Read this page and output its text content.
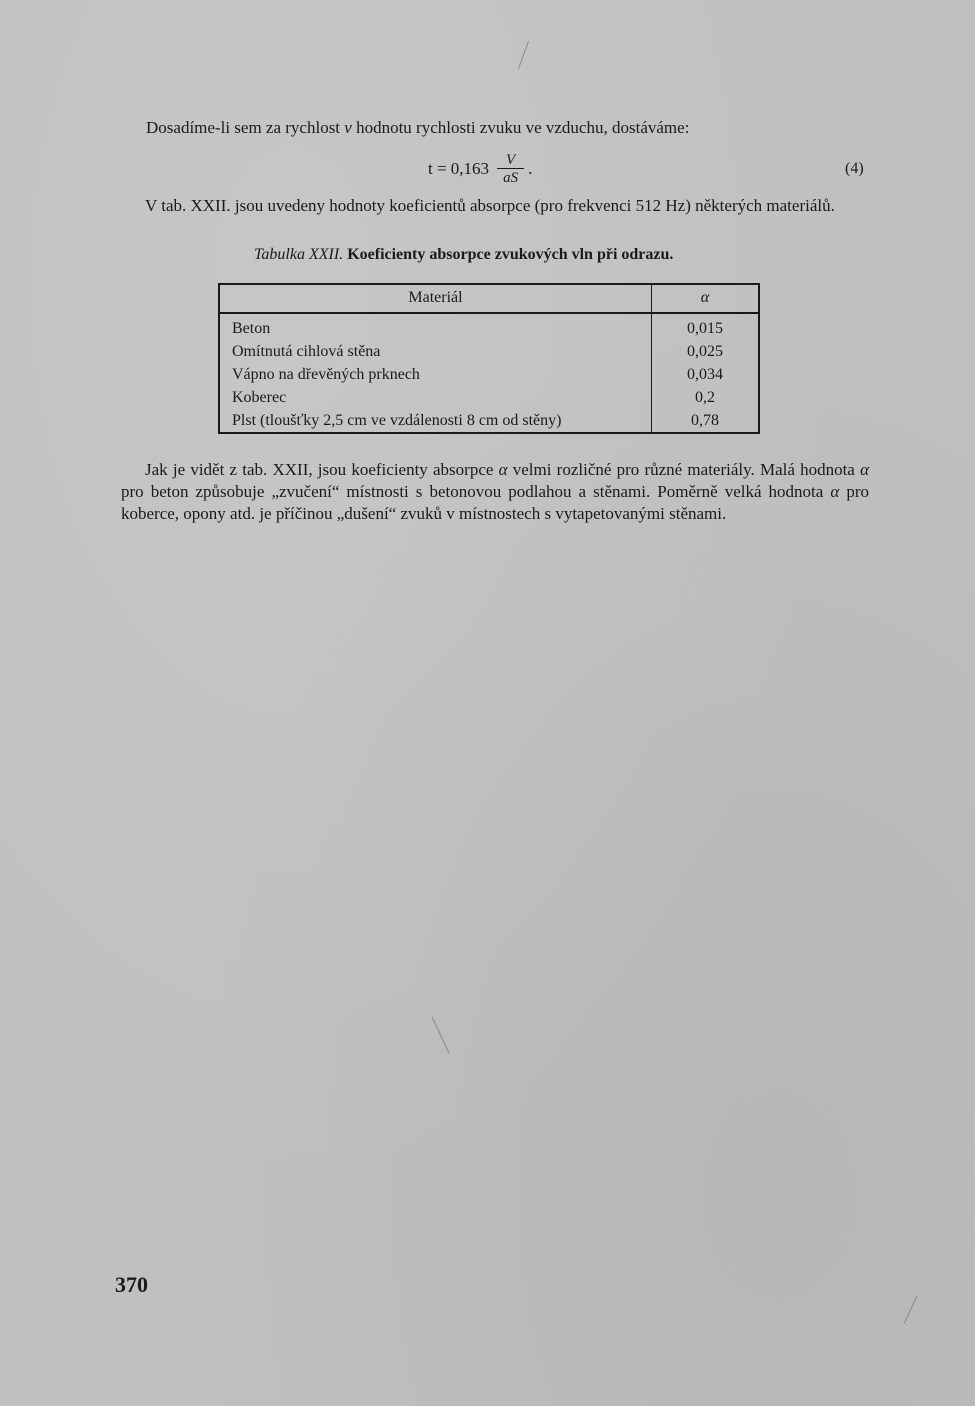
Dosadíme-li sem za rychlost v hodnotu rychlosti zvuku ve vzduchu, dostáváme:
$t = 0,163 \frac{V}{aS}$ .	(4)
V tab. XXII. jsou uvedeny hodnoty koeficientů absorpce (pro frekvenci 512 Hz) některých materiálů.
Tabulka XXII. Koeficienty absorpce zvukových vln při odrazu.
Materiál	α
Beton	0,015
Omítnutá cihlová stěna	0,025
Vápno na dřevěných prknech	0,034
Koberec	0,2
Plst (tloušťky 2,5 cm ve vzdálenosti 8 cm od stěny)	0,78
Jak je vidět z tab. XXII, jsou koeficienty absorpce α velmi rozličné pro různé materiály. Malá hodnota α pro beton způsobuje „zvučení“ místnosti s betonovou podlahou a stěnami. Poměrně velká hodnota α pro koberce, opony atd. je příčinou „dušení“ zvuků v místnostech s vytapetovanými stěnami.
370
